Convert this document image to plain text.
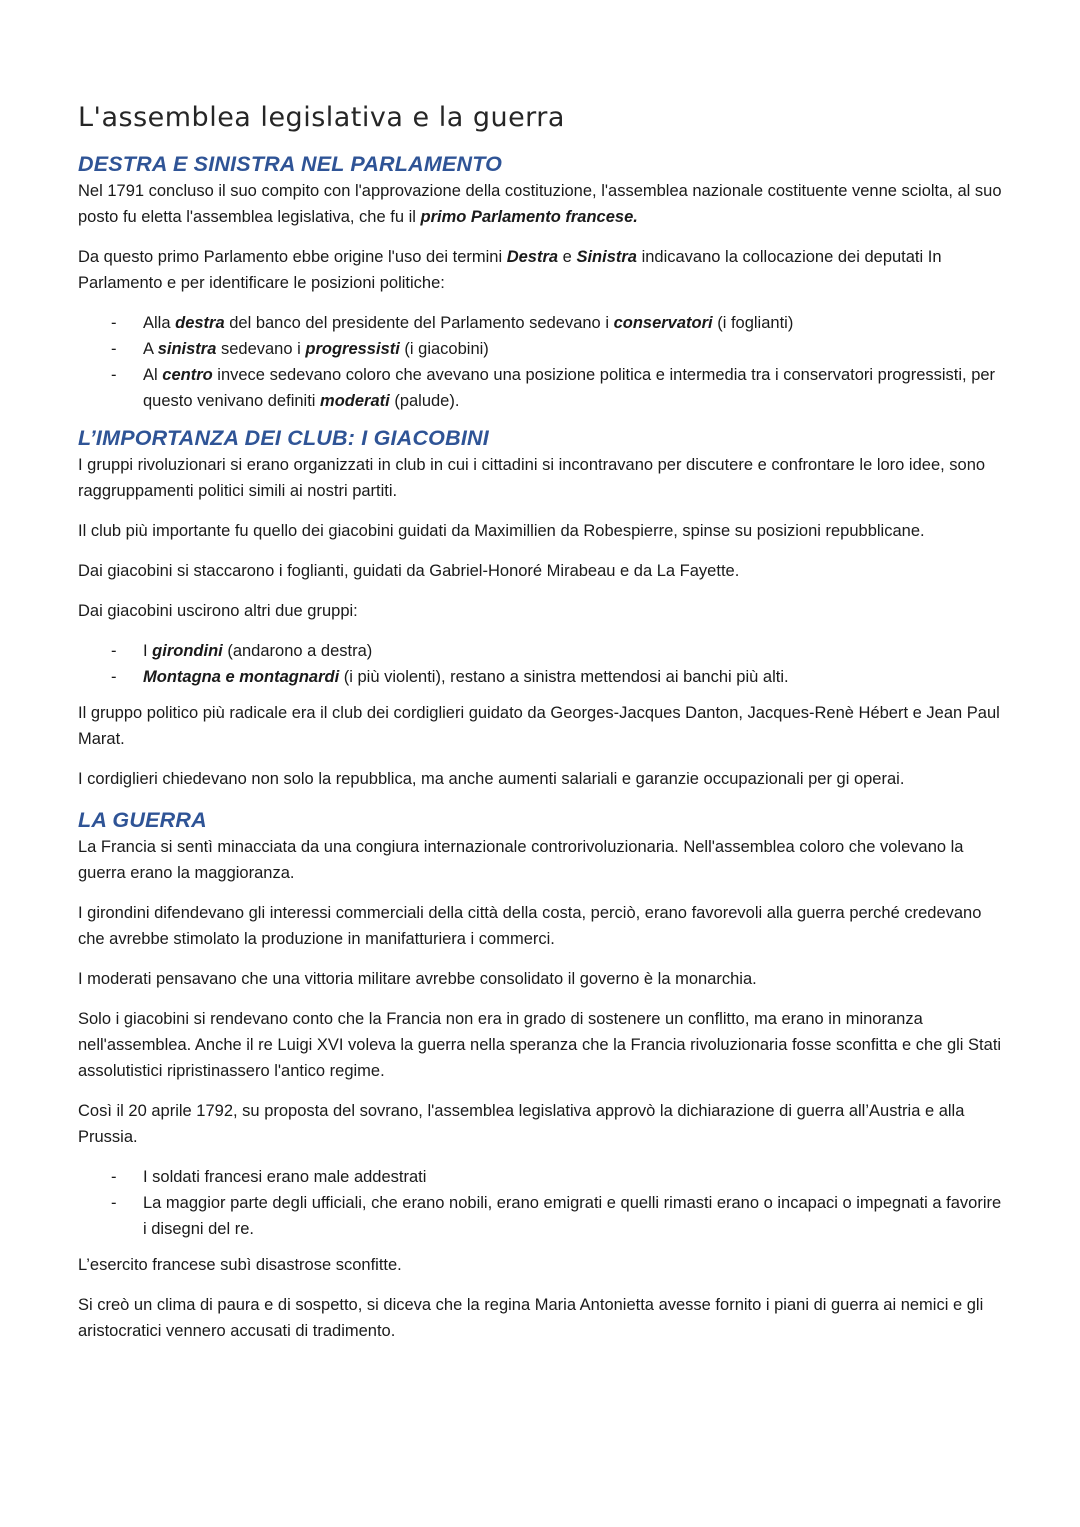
L'assemblea legislativa e la guerra
DESTRA E SINISTRA NEL PARLAMENTO

Nel 1791 concluso il suo compito con l'approvazione della costituzione, l'assemblea nazionale costituente venne sciolta, al suo posto fu eletta l'assemblea legislativa, che fu il primo Parlamento francese.

Da questo primo Parlamento ebbe origine l'uso dei termini Destra e Sinistra indicavano la collocazione dei deputati In Parlamento e per identificare le posizioni politiche:

- Alla destra del banco del presidente del Parlamento sedevano i conservatori (i foglianti)
- A sinistra sedevano i progressisti (i giacobini)
- Al centro invece sedevano coloro che avevano una posizione politica e intermedia tra i conservatori progressisti, per questo venivano definiti moderati (palude).
L’IMPORTANZA DEI CLUB: I GIACOBINI

I gruppi rivoluzionari si erano organizzati in club in cui i cittadini si incontravano per discutere e confrontare le loro idee, sono raggruppamenti politici simili ai nostri partiti.

Il club più importante fu quello dei giacobini guidati da Maximillien da Robespierre, spinse su posizioni repubblicane.

Dai giacobini si staccarono i foglianti, guidati da Gabriel-Honoré Mirabeau e da La Fayette.

Dai giacobini uscirono altri due gruppi:

- I girondini (andarono a destra)
- Montagna e montagnardi (i più violenti), restano a sinistra mettendosi ai banchi più alti.

Il gruppo politico più radicale era il club dei cordiglieri guidato da Georges-Jacques Danton, Jacques-Renè Hébert e Jean Paul Marat.

I cordiglieri chiedevano non solo la repubblica, ma anche aumenti salariali e garanzie occupazionali per gi operai.

LA GUERRA

La Francia si sentì minacciata da una congiura internazionale controrivoluzionaria. Nell'assemblea coloro che volevano la guerra erano la maggioranza.

I girondini difendevano gli interessi commerciali della città della costa, perciò, erano favorevoli alla guerra perché credevano che avrebbe stimolato la produzione in manifatturiera i commerci.

I moderati pensavano che una vittoria militare avrebbe consolidato il governo è la monarchia.

Solo i giacobini si rendevano conto che la Francia non era in grado di sostenere un conflitto, ma erano in minoranza nell'assemblea. Anche il re Luigi XVI voleva la guerra nella speranza che la Francia rivoluzionaria fosse sconfitta e che gli Stati assolutistici ripristinassero l'antico regime.

Così il 20 aprile 1792, su proposta del sovrano, l'assemblea legislativa approvò la dichiarazione di guerra all’Austria e alla Prussia.

- I soldati francesi erano male addestrati
- La maggior parte degli ufficiali, che erano nobili, erano emigrati e quelli rimasti erano o incapaci o impegnati a favorire i disegni del re.

L’esercito francese subì disastrose sconfitte.

Si creò un clima di paura e di sospetto, si diceva che la regina Maria Antonietta avesse fornito i piani di guerra ai nemici e gli aristocratici vennero accusati di tradimento.
